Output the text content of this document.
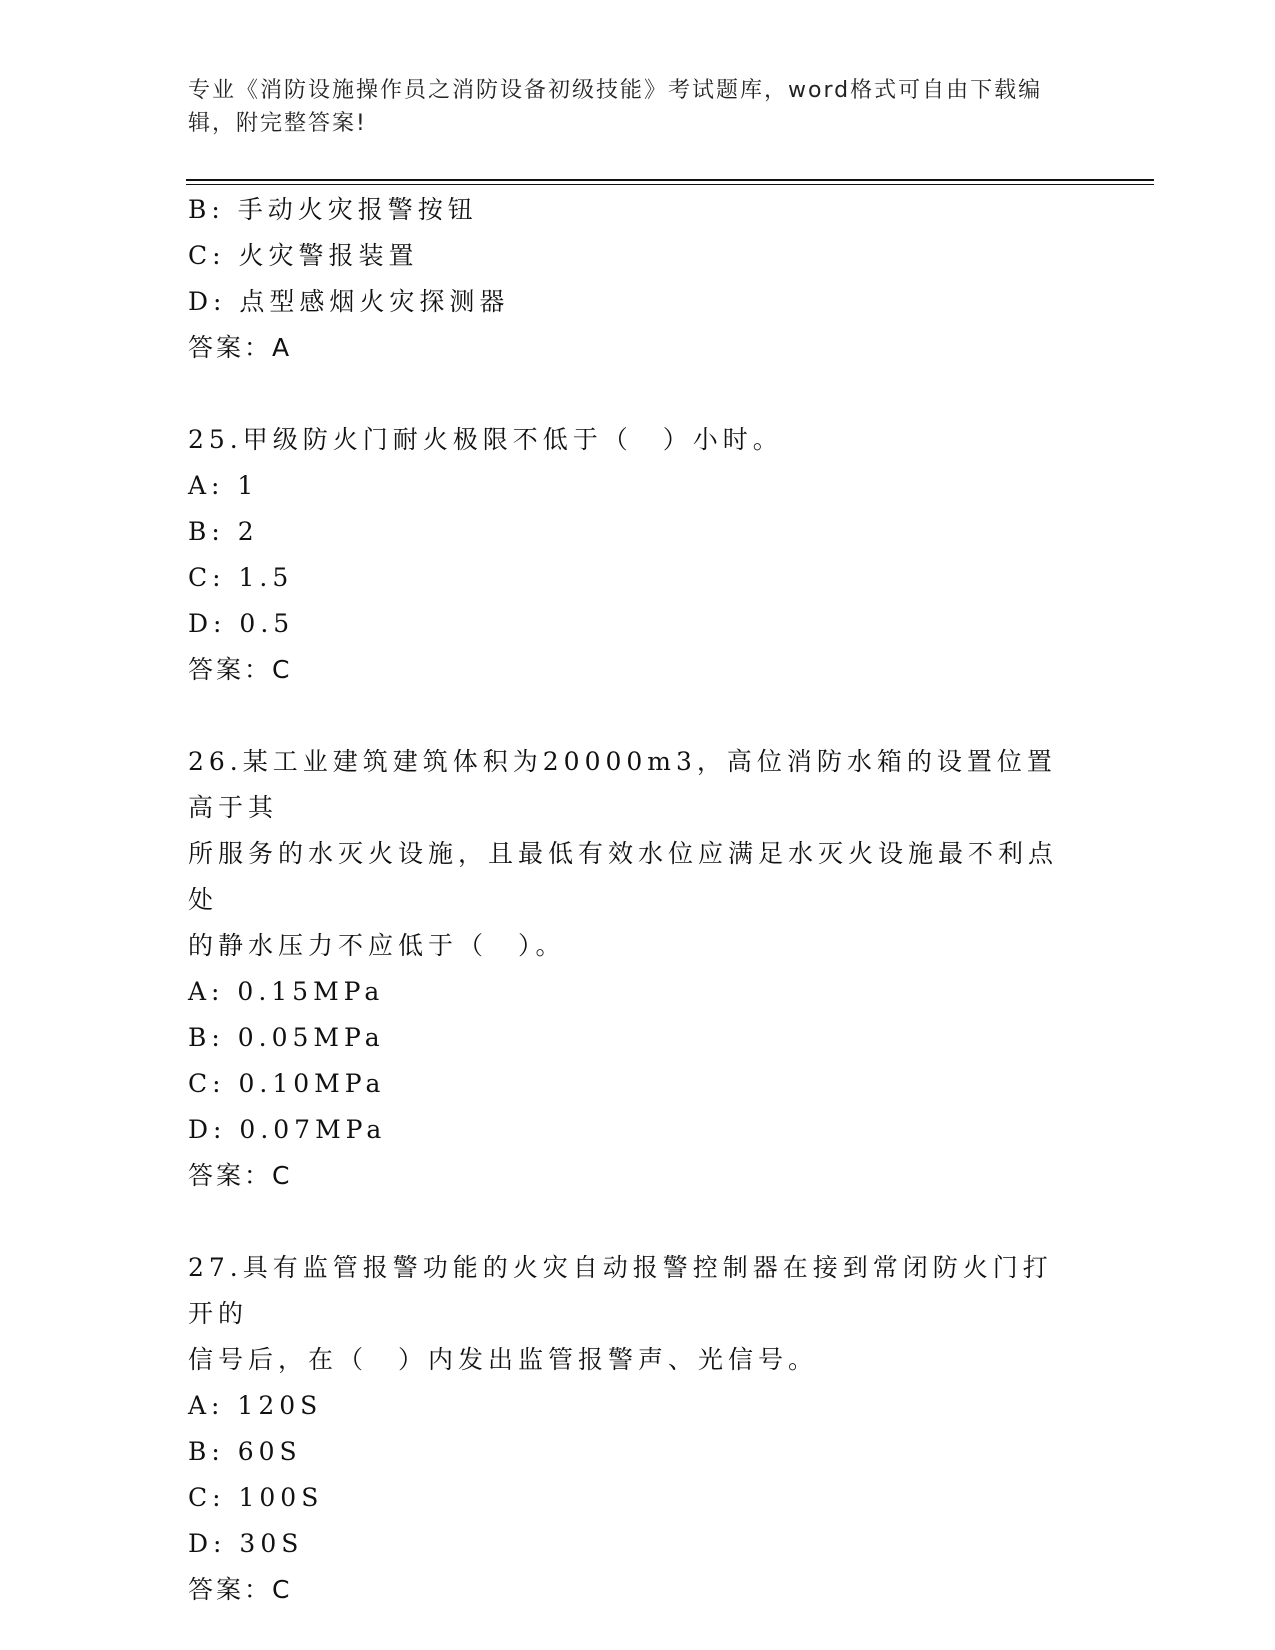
专业《消防设施操作员之消防设备初级技能》考试题库，word格式可自由下载编
辑，附完整答案!
B: 手动火灾报警按钮
C: 火灾警报装置
D: 点型感烟火灾探测器
答案：A
25.甲级防火门耐火极限不低于（　）小时。
A: 1
B: 2
C: 1.5
D: 0.5
答案：C
26.某工业建筑建筑体积为20000m3，高位消防水箱的设置位置高于其
所服务的水灭火设施，且最低有效水位应满足水灭火设施最不利点处
的静水压力不应低于（　）。
A: 0.15MPa
B: 0.05MPa
C: 0.10MPa
D: 0.07MPa
答案：C
27.具有监管报警功能的火灾自动报警控制器在接到常闭防火门打开的
信号后，在（　）内发出监管报警声、光信号。
A: 120S
B: 60S
C: 100S
D: 30S
答案：C
